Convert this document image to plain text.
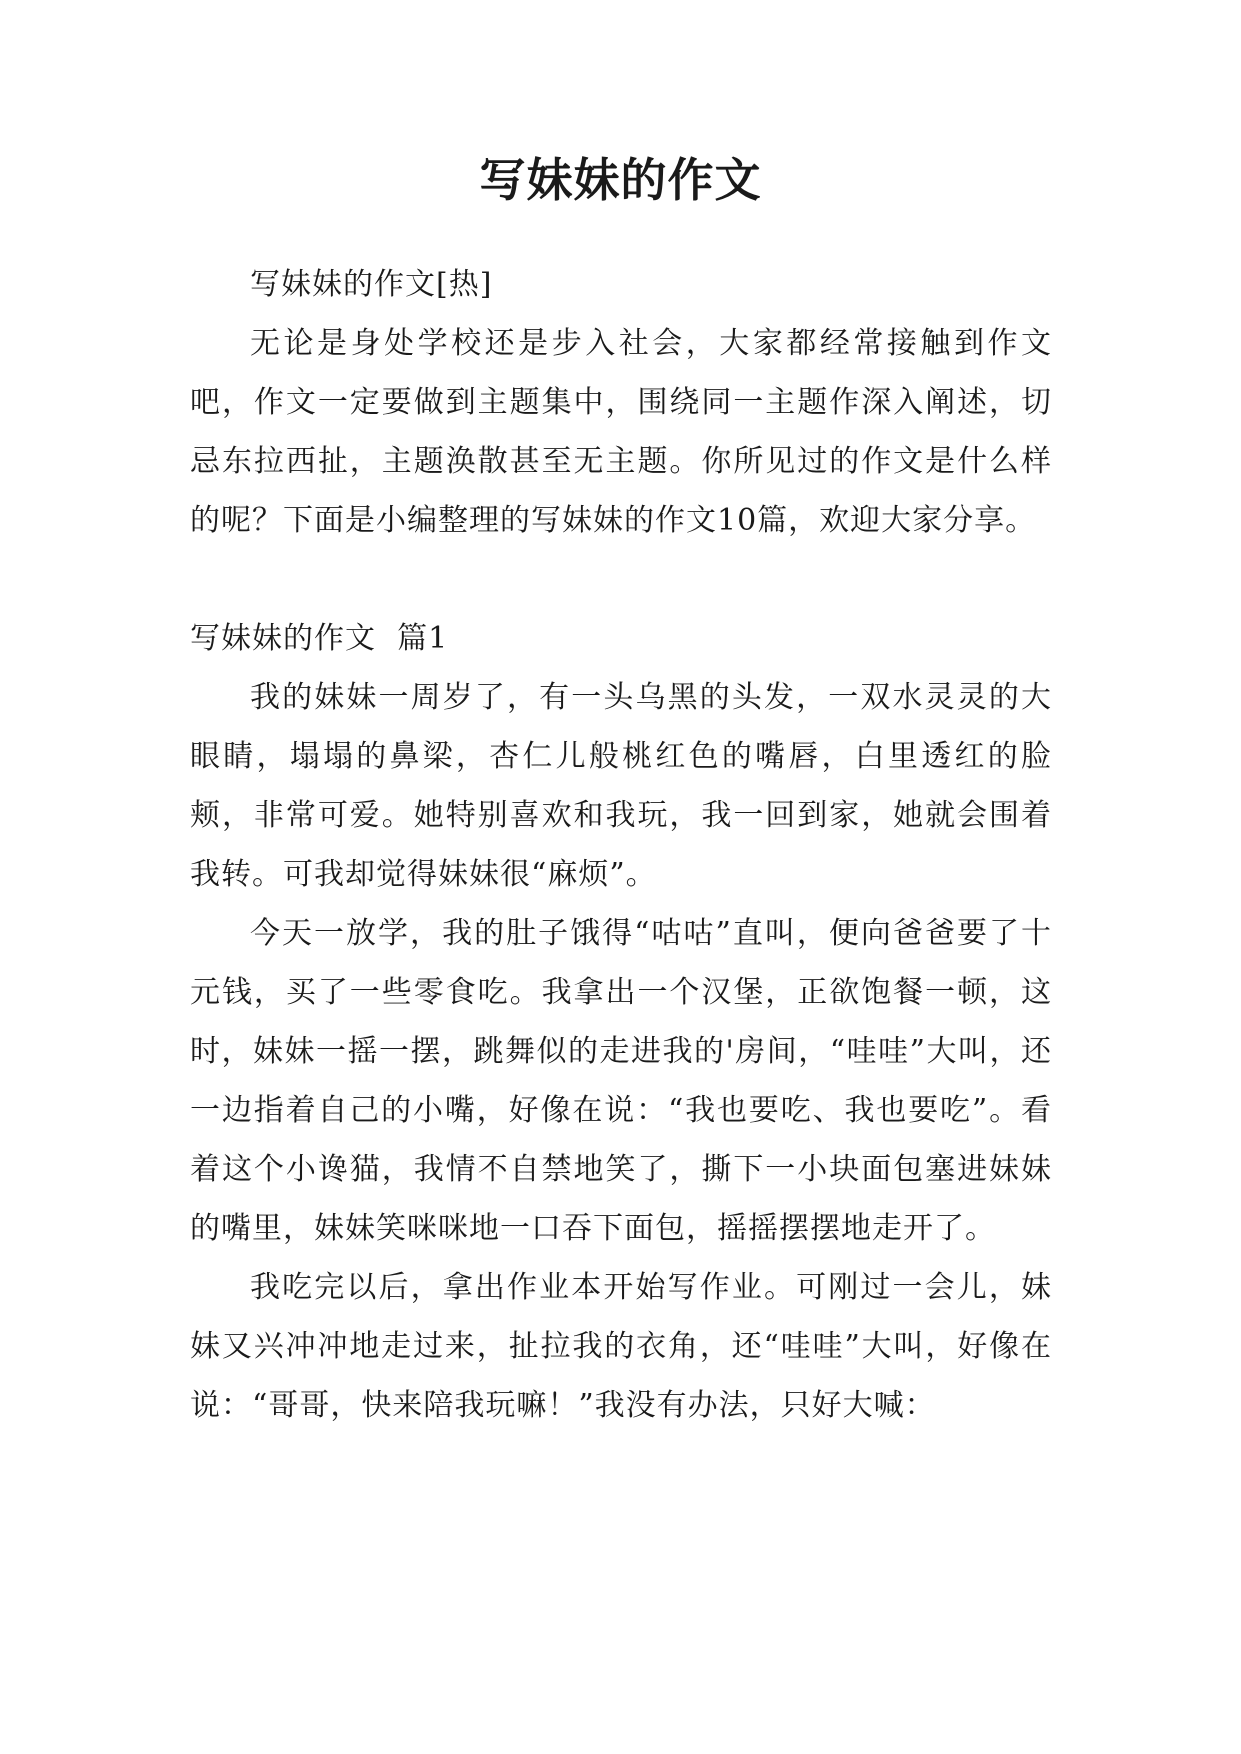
写妹妹的作文

写妹妹的作文[热]

无论是身处学校还是步入社会，大家都经常接触到作文吧，作文一定要做到主题集中，围绕同一主题作深入阐述，切忌东拉西扯，主题涣散甚至无主题。你所见过的作文是什么样的呢？下面是小编整理的写妹妹的作文10篇，欢迎大家分享。

写妹妹的作文  篇1

我的妹妹一周岁了，有一头乌黑的头发，一双水灵灵的大眼睛，塌塌的鼻梁，杏仁儿般桃红色的嘴唇，白里透红的脸颊，非常可爱。她特别喜欢和我玩，我一回到家，她就会围着我转。可我却觉得妹妹很“麻烦”。

今天一放学，我的肚子饿得“咕咕”直叫，便向爸爸要了十元钱，买了一些零食吃。我拿出一个汉堡，正欲饱餐一顿，这时，妹妹一摇一摆，跳舞似的走进我的'房间，“哇哇”大叫，还一边指着自己的小嘴，好像在说：“我也要吃、我也要吃”。看着这个小谗猫，我情不自禁地笑了，撕下一小块面包塞进妹妹的嘴里，妹妹笑咪咪地一口吞下面包，摇摇摆摆地走开了。

我吃完以后，拿出作业本开始写作业。可刚过一会儿，妹妹又兴冲冲地走过来，扯拉我的衣角，还“哇哇”大叫，好像在说：“哥哥，快来陪我玩嘛！”我没有办法，只好大喊：
